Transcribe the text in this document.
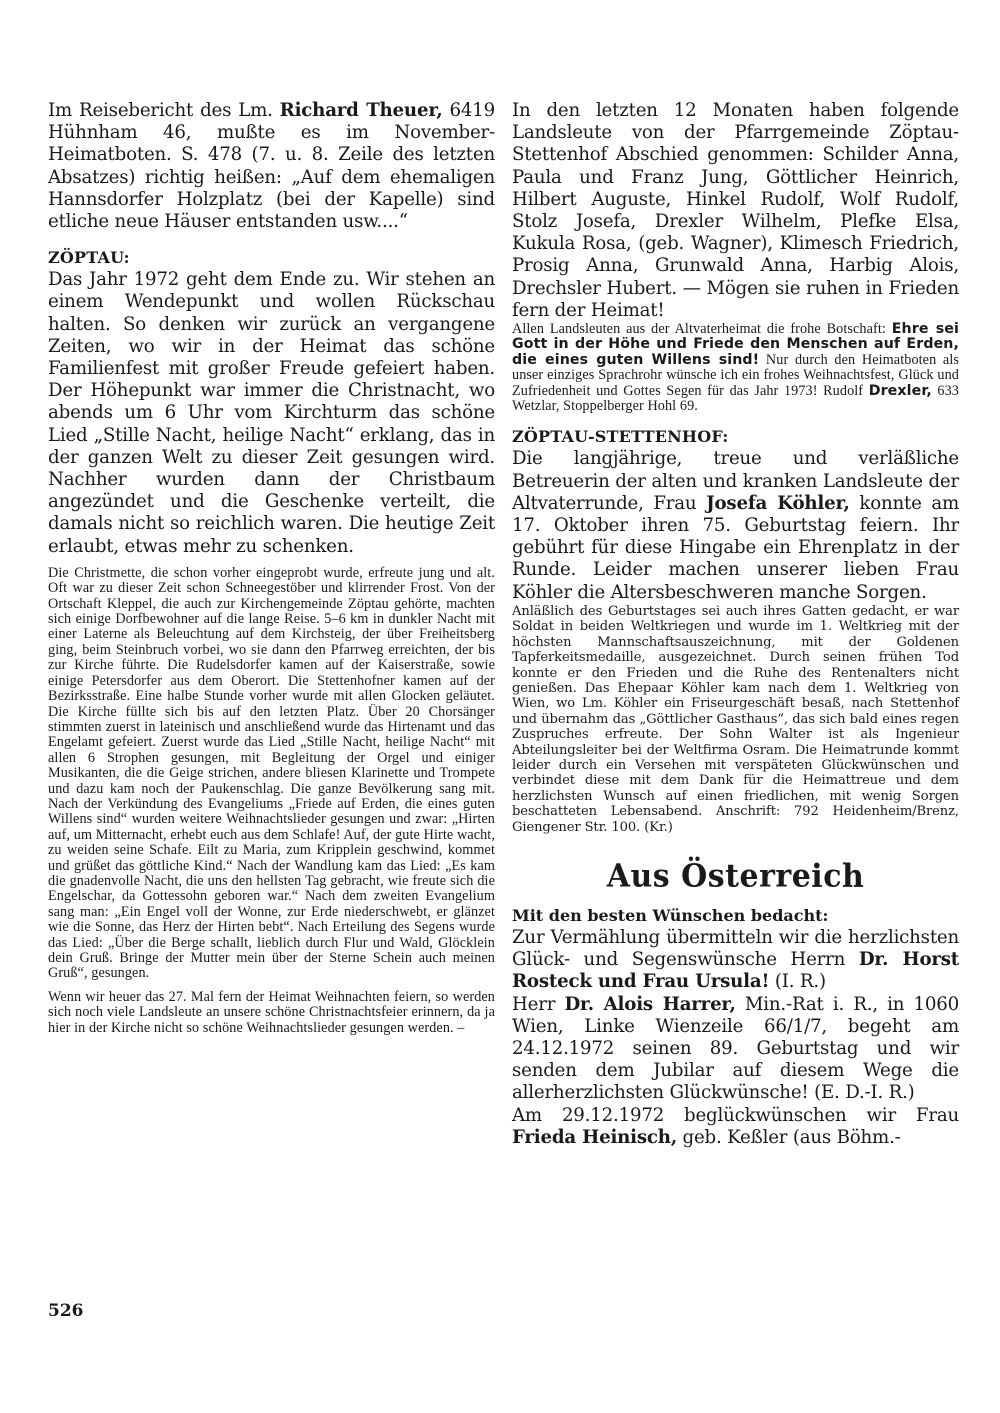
Im Reisebericht des Lm. Richard Theuer, 6419 Hühnham 46, mußte es im November-Heimatboten. S. 478 (7. u. 8. Zeile des letzten Absatzes) richtig heißen: „Auf dem ehemaligen Hannsdorfer Holzplatz (bei der Kapelle) sind etliche neue Häuser entstanden usw....“

ZÖPTAU:

Das Jahr 1972 geht dem Ende zu. Wir stehen an einem Wendepunkt und wollen Rückschau halten. So denken wir zurück an vergangene Zeiten, wo wir in der Heimat das schöne Familienfest mit großer Freude gefeiert haben. Der Höhepunkt war immer die Christnacht, wo abends um 6 Uhr vom Kirchturm das schöne Lied „Stille Nacht, heilige Nacht“ erklang, das in der ganzen Welt zu dieser Zeit gesungen wird. Nachher wurden dann der Christbaum angezündet und die Geschenke verteilt, die damals nicht so reichlich waren. Die heutige Zeit erlaubt, etwas mehr zu schenken.

Die Christmette, die schon vorher eingeprobt wurde, erfreute jung und alt. Oft war zu dieser Zeit schon Schneegestöber und klirrender Frost. Von der Ortschaft Kleppel, die auch zur Kirchengemeinde Zöptau gehörte, machten sich einige Dorfbewohner auf die lange Reise. 5–6 km in dunkler Nacht mit einer Laterne als Beleuchtung auf dem Kirchsteig, der über Freiheitsberg ging, beim Steinbruch vorbei, wo sie dann den Pfarrweg erreichten, der bis zur Kirche führte. Die Rudelsdorfer kamen auf der Kaiserstraße, sowie einige Petersdorfer aus dem Oberort. Die Stettenhofner kamen auf der Bezirksstraße. Eine halbe Stunde vorher wurde mit allen Glocken geläutet. Die Kirche füllte sich bis auf den letzten Platz. Über 20 Chorsänger stimmten zuerst in lateinisch und anschließend wurde das Hirtenamt und das Engelamt gefeiert. Zuerst wurde das Lied „Stille Nacht, heilige Nacht“ mit allen 6 Strophen gesungen, mit Begleitung der Orgel und einiger Musikanten, die die Geige strichen, andere bliesen Klarinette und Trompete und dazu kam noch der Paukenschlag. Die ganze Bevölkerung sang mit. Nach der Verkündung des Evangeliums „Friede auf Erden, die eines guten Willens sind“ wurden weitere Weihnachtslieder gesungen und zwar: „Hirten auf, um Mitternacht, erhebt euch aus dem Schlafe! Auf, der gute Hirte wacht, zu weiden seine Schafe. Eilt zu Maria, zum Kripplein geschwind, kommet und grüßet das göttliche Kind.“ Nach der Wandlung kam das Lied: „Es kam die gnadenvolle Nacht, die uns den hellsten Tag gebracht, wie freute sich die Engelschar, da Gottessohn geboren war.“ Nach dem zweiten Evangelium sang man: „Ein Engel voll der Wonne, zur Erde niederschwebt, er glänzet wie die Sonne, das Herz der Hirten bebt“. Nach Erteilung des Segens wurde das Lied: „Über die Berge schallt, lieblich durch Flur und Wald, Glöcklein dein Gruß. Bringe der Mutter mein über der Sterne Schein auch meinen Gruß“, gesungen.

Wenn wir heuer das 27. Mal fern der Heimat Weihnachten feiern, so werden sich noch viele Landsleute an unsere schöne Christnachtsfeier erinnern, da ja hier in der Kirche nicht so schöne Weihnachtslieder gesungen werden. –

In den letzten 12 Monaten haben folgende Landsleute von der Pfarrgemeinde Zöptau-Stettenhof Abschied genommen: Schilder Anna, Paula und Franz Jung, Göttlicher Heinrich, Hilbert Auguste, Hinkel Rudolf, Wolf Rudolf, Stolz Josefa, Drexler Wilhelm, Plefke Elsa, Kukula Rosa, (geb. Wagner), Klimesch Friedrich, Prosig Anna, Grunwald Anna, Harbig Alois, Drechsler Hubert. — Mögen sie ruhen in Frieden fern der Heimat!

Allen Landsleuten aus der Altvaterheimat die frohe Botschaft: Ehre sei Gott in der Höhe und Friede den Menschen auf Erden, die eines guten Willens sind! Nur durch den Heimatboten als unser einziges Sprachrohr wünsche ich ein frohes Weihnachtsfest, Glück und Zufriedenheit und Gottes Segen für das Jahr 1973! Rudolf Drexler, 633 Wetzlar, Stoppelberger Hohl 69.

ZÖPTAU-STETTENHOF:

Die langjährige, treue und verläßliche Betreuerin der alten und kranken Landsleute der Altvaterrunde, Frau Josefa Köhler, konnte am 17. Oktober ihren 75. Geburtstag feiern. Ihr gebührt für diese Hingabe ein Ehrenplatz in der Runde. Leider machen unserer lieben Frau Köhler die Altersbeschweren manche Sorgen.

Anläßlich des Geburtstages sei auch ihres Gatten gedacht, er war Soldat in beiden Weltkriegen und wurde im 1. Weltkrieg mit der höchsten Mannschaftsauszeichnung, mit der Goldenen Tapferkeitsmedaille, ausgezeichnet. Durch seinen frühen Tod konnte er den Frieden und die Ruhe des Rentenalters nicht genießen. Das Ehepaar Köhler kam nach dem 1. Weltkrieg von Wien, wo Lm. Köhler ein Friseurgeschäft besaß, nach Stettenhof und übernahm das „Göttlicher Gasthaus“, das sich bald eines regen Zuspruches erfreute. Der Sohn Walter ist als Ingenieur Abteilungsleiter bei der Weltfirma Osram. Die Heimatrunde kommt leider durch ein Versehen mit verspäteten Glückwünschen und verbindet diese mit dem Dank für die Heimattreue und dem herzlichsten Wunsch auf einen friedlichen, mit wenig Sorgen beschatteten Lebensabend. Anschrift: 792 Heidenheim/Brenz, Giengener Str. 100. (Kr.)

Aus Österreich
Mit den besten Wünschen bedacht:

Zur Vermählung übermitteln wir die herzlichsten Glück- und Segenswünsche Herrn Dr. Horst Rosteck und Frau Ursula! (I. R.)

Herr Dr. Alois Harrer, Min.-Rat i. R., in 1060 Wien, Linke Wienzeile 66/1/7, begeht am 24.12.1972 seinen 89. Geburtstag und wir senden dem Jubilar auf diesem Wege die allerherzlichsten Glückwünsche! (E. D.-I. R.)

Am 29.12.1972 beglückwünschen wir Frau Frieda Heinisch, geb. Keßler (aus Böhm.-

526
